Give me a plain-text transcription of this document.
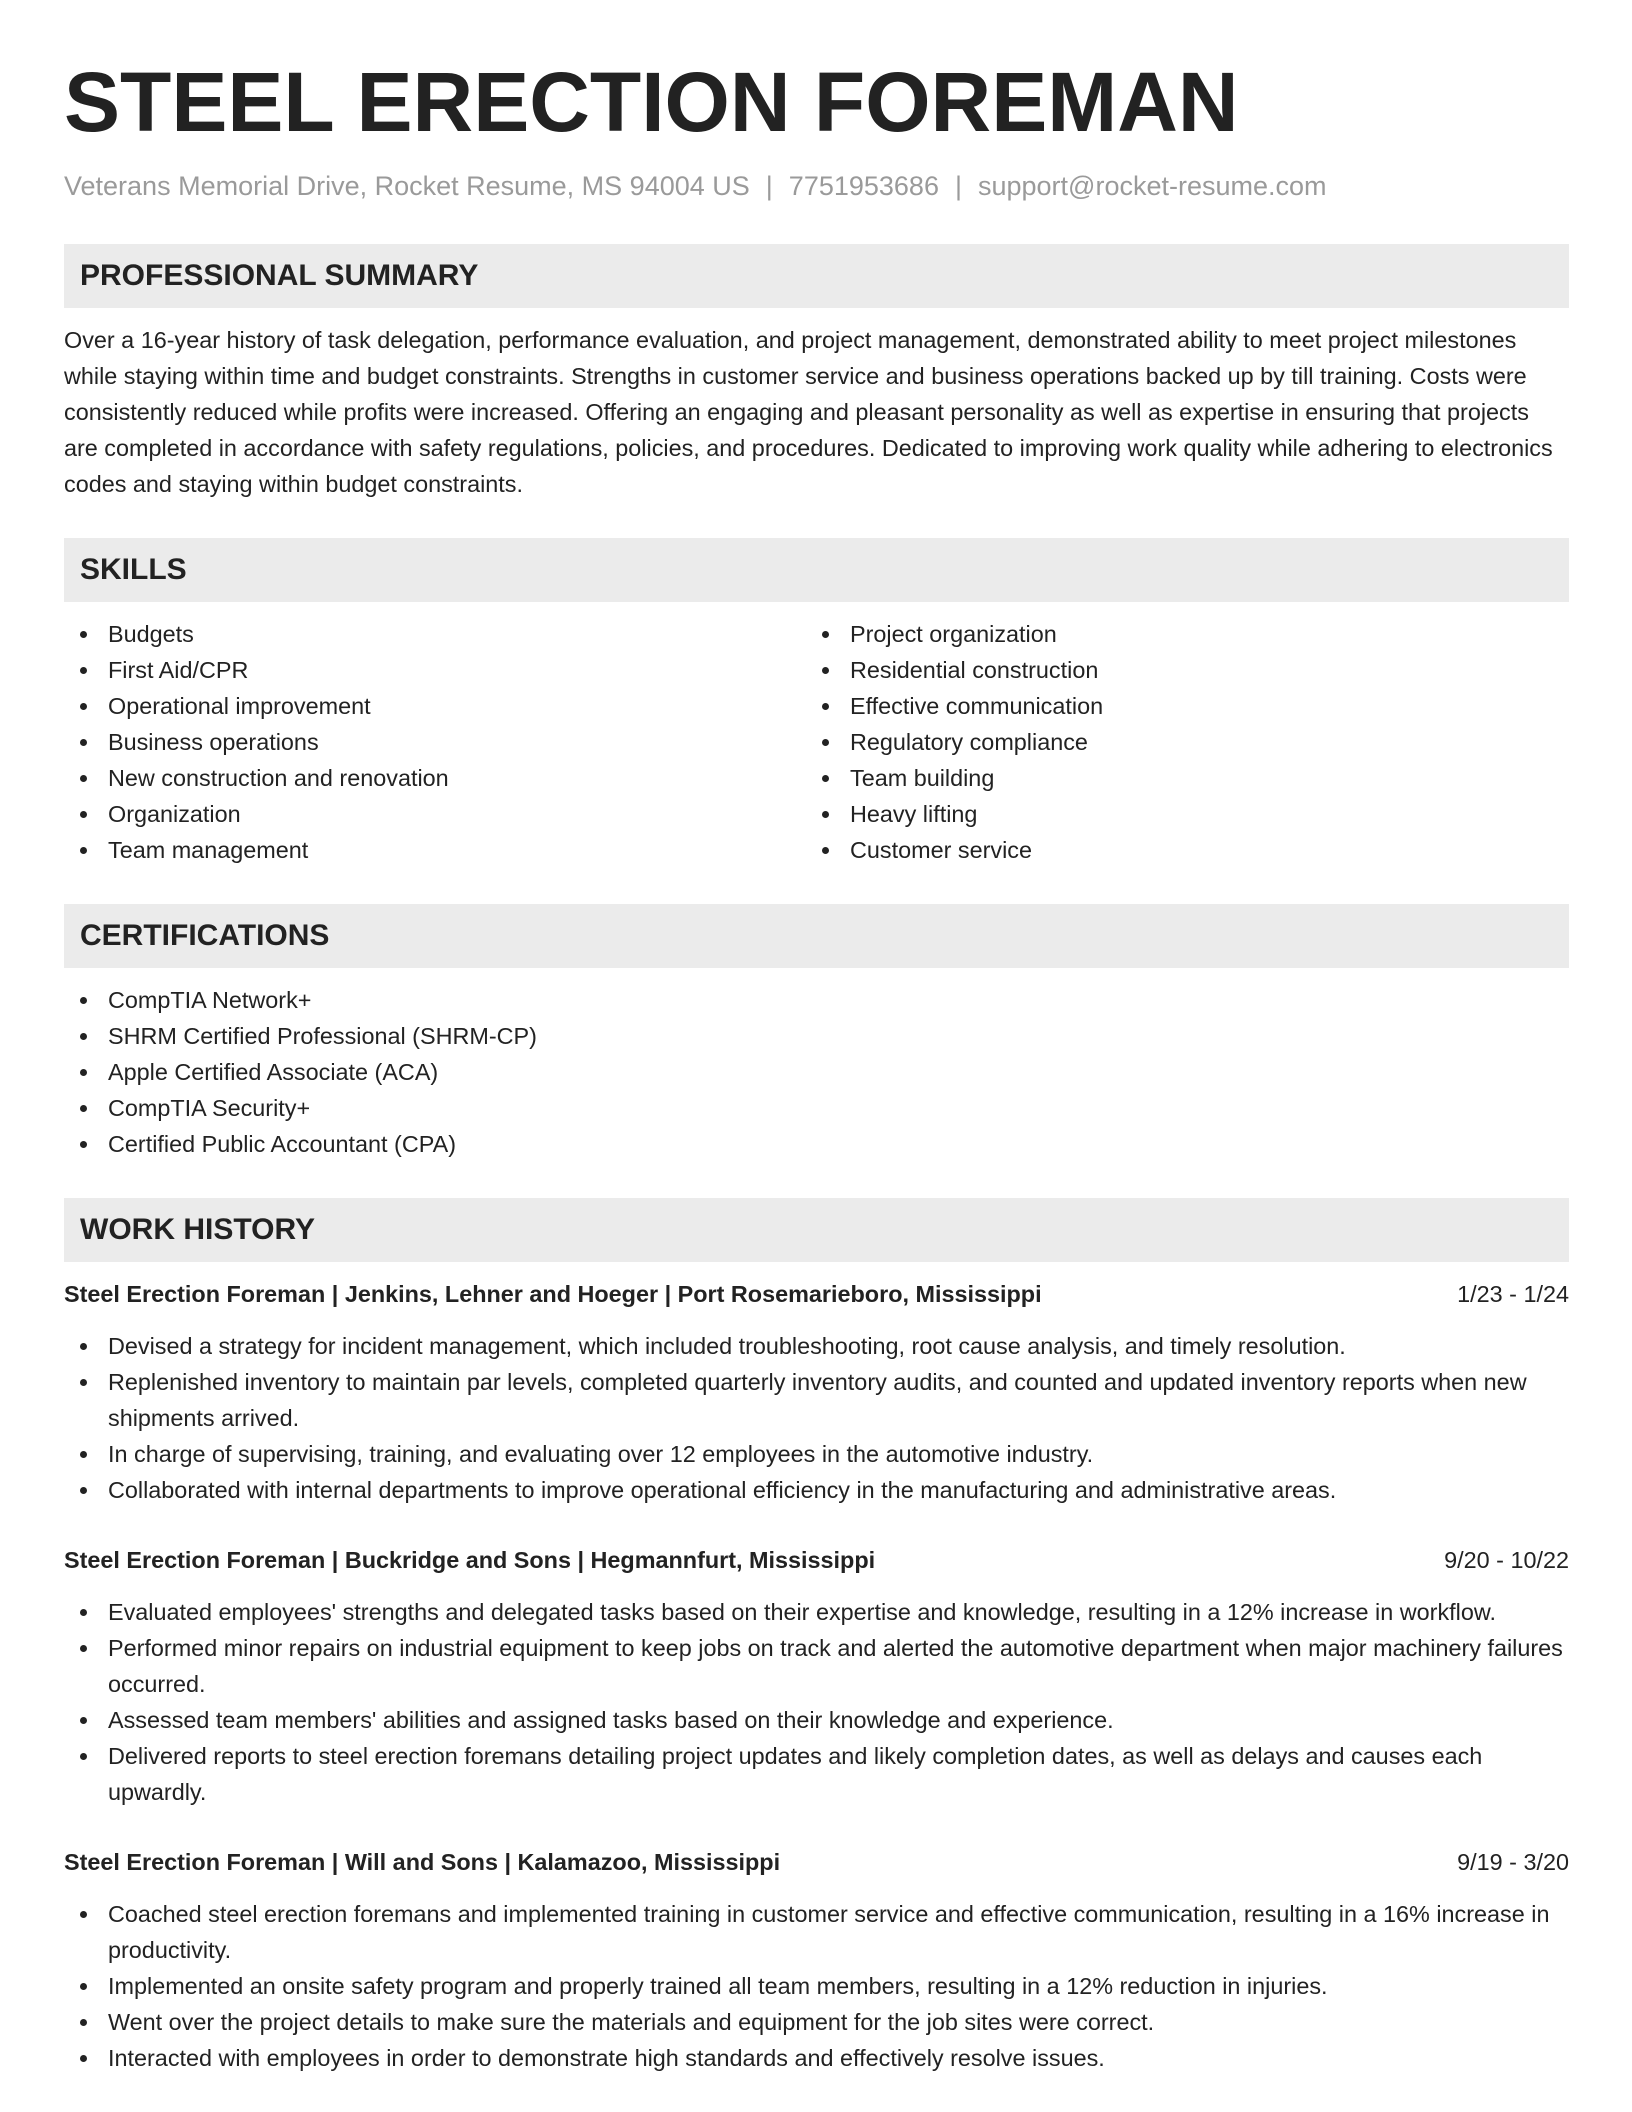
STEEL ERECTION FOREMAN
Veterans Memorial Drive, Rocket Resume, MS 94004 US | 7751953686 | support@rocket-resume.com
PROFESSIONAL SUMMARY
Over a 16-year history of task delegation, performance evaluation, and project management, demonstrated ability to meet project milestones while staying within time and budget constraints. Strengths in customer service and business operations backed up by till training. Costs were consistently reduced while profits were increased. Offering an engaging and pleasant personality as well as expertise in ensuring that projects are completed in accordance with safety regulations, policies, and procedures. Dedicated to improving work quality while adhering to electronics codes and staying within budget constraints.
SKILLS
Budgets
First Aid/CPR
Operational improvement
Business operations
New construction and renovation
Organization
Team management
Project organization
Residential construction
Effective communication
Regulatory compliance
Team building
Heavy lifting
Customer service
CERTIFICATIONS
CompTIA Network+
SHRM Certified Professional (SHRM-CP)
Apple Certified Associate (ACA)
CompTIA Security+
Certified Public Accountant (CPA)
WORK HISTORY
Steel Erection Foreman | Jenkins, Lehner and Hoeger | Port Rosemarieboro, Mississippi	1/23 - 1/24
Devised a strategy for incident management, which included troubleshooting, root cause analysis, and timely resolution.
Replenished inventory to maintain par levels, completed quarterly inventory audits, and counted and updated inventory reports when new shipments arrived.
In charge of supervising, training, and evaluating over 12 employees in the automotive industry.
Collaborated with internal departments to improve operational efficiency in the manufacturing and administrative areas.
Steel Erection Foreman | Buckridge and Sons | Hegmannfurt, Mississippi	9/20 - 10/22
Evaluated employees' strengths and delegated tasks based on their expertise and knowledge, resulting in a 12% increase in workflow.
Performed minor repairs on industrial equipment to keep jobs on track and alerted the automotive department when major machinery failures occurred.
Assessed team members' abilities and assigned tasks based on their knowledge and experience.
Delivered reports to steel erection foremans detailing project updates and likely completion dates, as well as delays and causes each upwardly.
Steel Erection Foreman | Will and Sons | Kalamazoo, Mississippi	9/19 - 3/20
Coached steel erection foremans and implemented training in customer service and effective communication, resulting in a 16% increase in productivity.
Implemented an onsite safety program and properly trained all team members, resulting in a 12% reduction in injuries.
Went over the project details to make sure the materials and equipment for the job sites were correct.
Interacted with employees in order to demonstrate high standards and effectively resolve issues.
